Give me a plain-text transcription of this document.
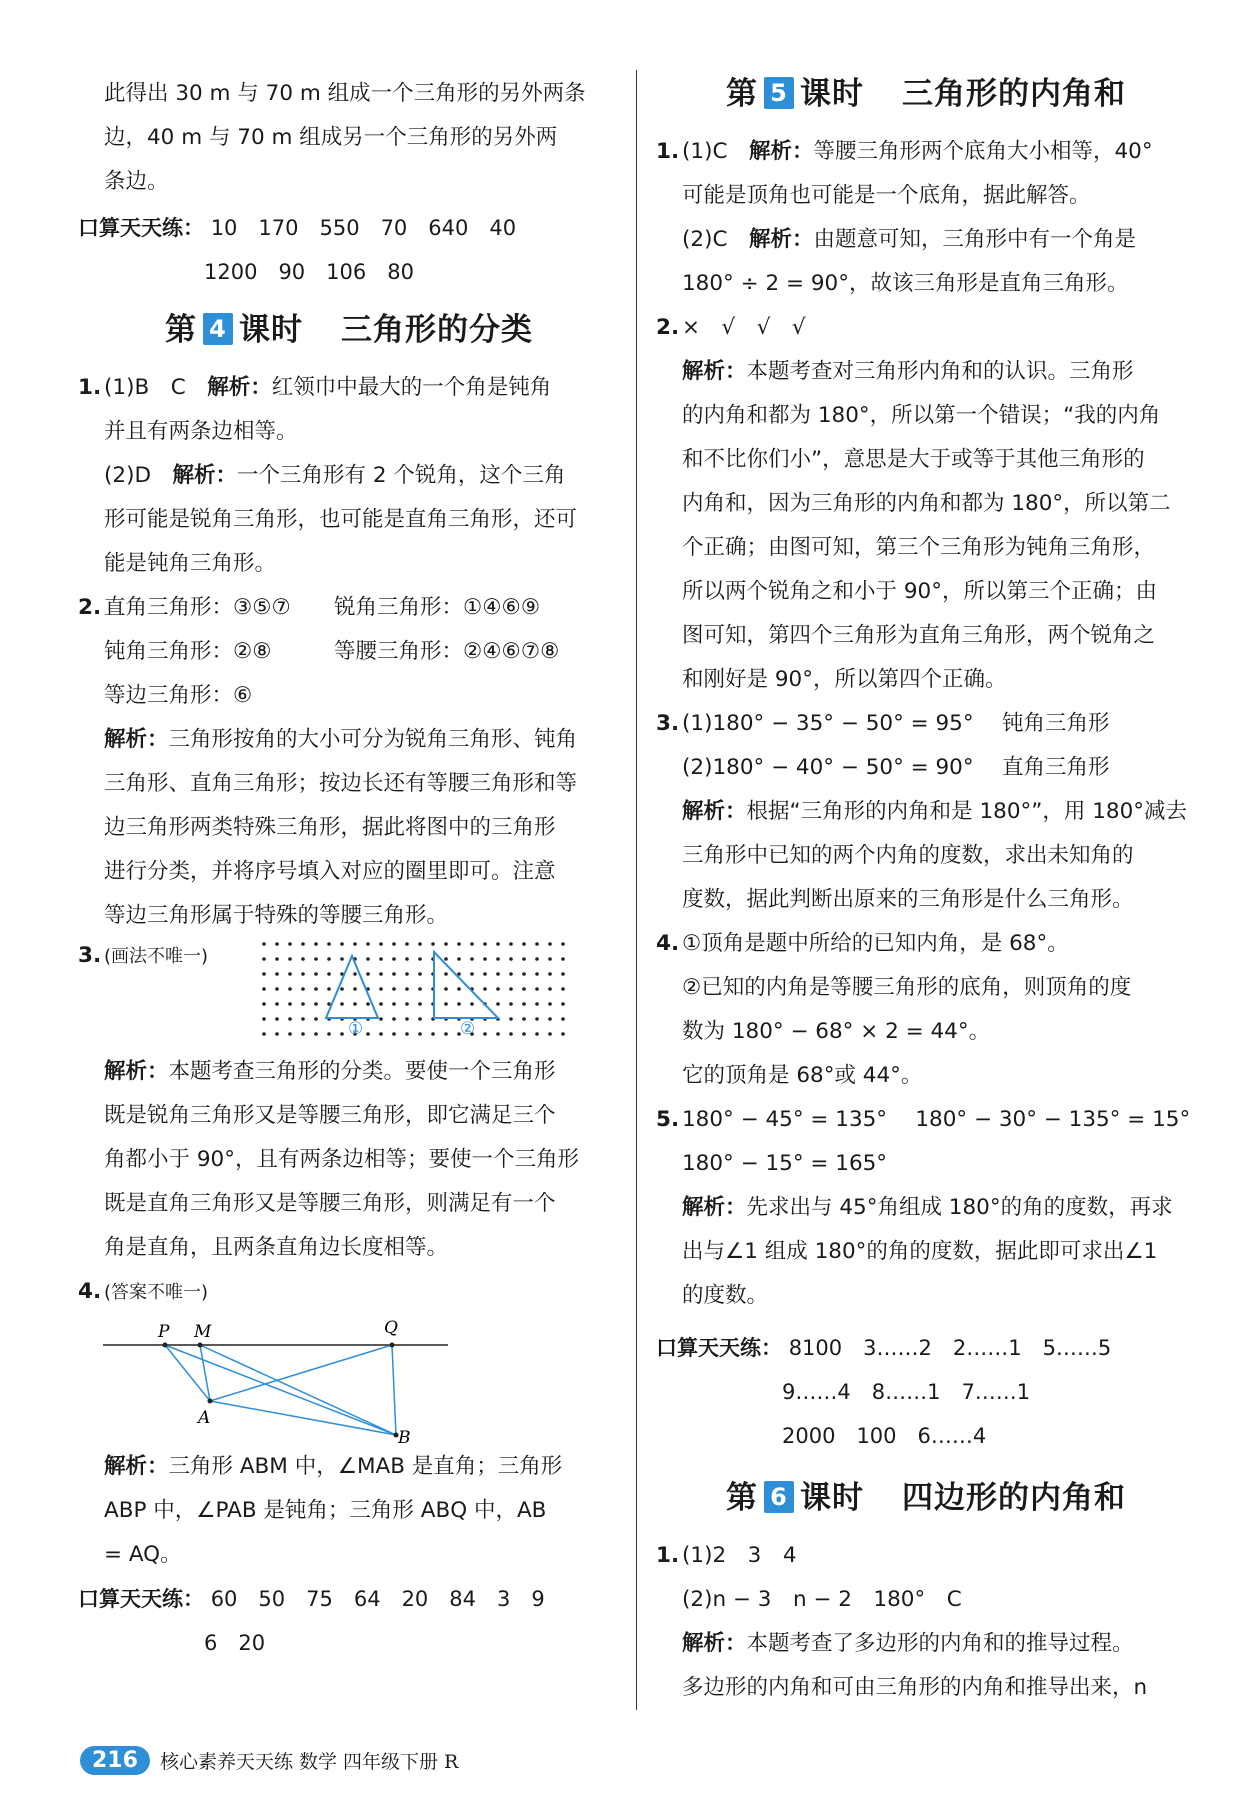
此得出 30 m 与 70 m 组成一个三角形的另外两条

边，40 m 与 70 m 组成另一个三角形的另外两

条边。

口算天天练： 10　170　550　70　640　40

1200　90　106　80

第 4 课时 三角形的分类

1. (1)B　C　解析：红领巾中最大的一个角是钝角

并且有两条边相等。

(2)D　解析：一个三角形有 2 个锐角，这个三角

形可能是锐角三角形，也可能是直角三角形，还可

能是钝角三角形。

2. 直角三角形：③⑤⑦ 锐角三角形：①④⑥⑨

钝角三角形：②⑧	等腰三角形：②④⑥⑦⑧

等边三角形：⑥

解析：三角形按角的大小可分为锐角三角形、钝角

三角形、直角三角形；按边长还有等腰三角形和等

边三角形两类特殊三角形，据此将图中的三角形

进行分类，并将序号填入对应的圈里即可。注意

等边三角形属于特殊的等腰三角形。

3. (画法不唯一)

①	②

解析：本题考查三角形的分类。要使一个三角形

既是锐角三角形又是等腰三角形，即它满足三个

角都小于 90°，且有两条边相等；要使一个三角形

既是直角三角形又是等腰三角形，则满足有一个

角是直角，且两条直角边长度相等。

4. (答案不唯一)

P M	Q
A
B

解析：三角形 ABM 中，∠MAB 是直角；三角形

ABP 中，∠PAB 是钝角；三角形 ABQ 中，AB

= AQ。

口算天天练： 60　50　75　64　20　84　3　9

6　20

第 5 课时 三角形的内角和

1. (1)C　解析：等腰三角形两个底角大小相等，40°

可能是顶角也可能是一个底角，据此解答。

(2)C　解析：由题意可知，三角形中有一个角是

180° ÷ 2 = 90°，故该三角形是直角三角形。

2. ×　√　√　√

解析：本题考查对三角形内角和的认识。三角形

的内角和都为 180°，所以第一个错误；“我的内角

和不比你们小”，意思是大于或等于其他三角形的

内角和，因为三角形的内角和都为 180°，所以第二

个正确；由图可知，第三个三角形为钝角三角形，

所以两个锐角之和小于 90°，所以第三个正确；由

图可知，第四个三角形为直角三角形，两个锐角之

和刚好是 90°，所以第四个正确。

3. (1)180° − 35° − 50° = 95°　 钝角三角形

(2)180° − 40° − 50° = 90°　 直角三角形

解析：根据“三角形的内角和是 180°”，用 180°减去

三角形中已知的两个内角的度数，求出未知角的

度数，据此判断出原来的三角形是什么三角形。

4. ①顶角是题中所给的已知内角，是 68°。

②已知的内角是等腰三角形的底角，则顶角的度

数为 180° − 68° × 2 = 44°。

它的顶角是 68°或 44°。

5. 180° − 45° = 135°　 180° − 30° − 135° = 15°

180° − 15° = 165°

解析：先求出与 45°角组成 180°的角的度数，再求

出与∠1 组成 180°的角的度数，据此即可求出∠1

的度数。

口算天天练： 8100　3……2　2……1　5……5

9……4　8……1　7……1

2000　100　6……4

第 6 课时 四边形的内角和

1. (1)2　3　4

(2)n − 3　n − 2　180°　C

解析：本题考查了多边形的内角和的推导过程。

多边形的内角和可由三角形的内角和推导出来，n

216	核心素养天天练 数学 四年级下册 R
